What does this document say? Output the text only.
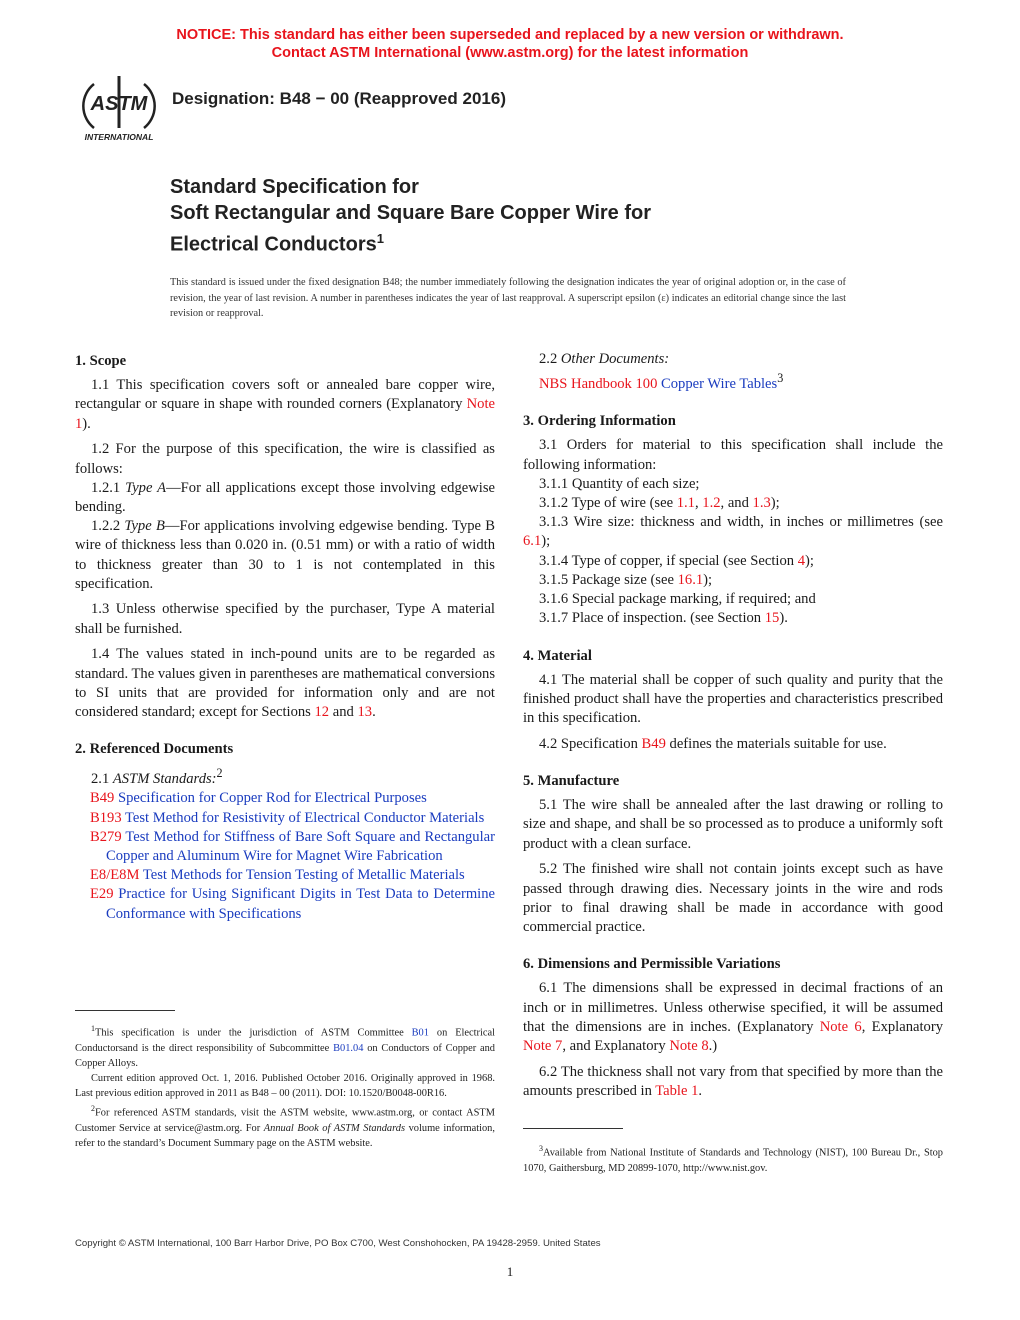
NOTICE: This standard has either been superseded and replaced by a new version or withdrawn.
Contact ASTM International (www.astm.org) for the latest information
ASTM
INTERNATIONAL
Designation: B48 − 00 (Reapproved 2016)
Standard Specification for
Soft Rectangular and Square Bare Copper Wire for
Electrical Conductors$^1$
This standard is issued under the fixed designation B48; the number immediately following the designation indicates the year of original adoption or, in the case of revision, the year of last revision. A number in parentheses indicates the year of last reapproval. A superscript epsilon (ε) indicates an editorial change since the last revision or reapproval.
1. Scope

1.1 This specification covers soft or annealed bare copper wire, rectangular or square in shape with rounded corners (Explanatory Note 1).

1.2 For the purpose of this specification, the wire is classified as follows:

1.2.1 Type A—For all applications except those involving edgewise bending.

1.2.2 Type B—For applications involving edgewise bending. Type B wire of thickness less than 0.020 in. (0.51 mm) or with a ratio of width to thickness greater than 30 to 1 is not contemplated in this specification.

1.3 Unless otherwise specified by the purchaser, Type A material shall be furnished.

1.4 The values stated in inch-pound units are to be regarded as standard. The values given in parentheses are mathematical conversions to SI units that are provided for information only and are not considered standard; except for Sections 12 and 13.

2. Referenced Documents

2.1 ASTM Standards:$^2$

B49 Specification for Copper Rod for Electrical Purposes

B193 Test Method for Resistivity of Electrical Conductor Materials

B279 Test Method for Stiffness of Bare Soft Square and Rectangular Copper and Aluminum Wire for Magnet Wire Fabrication

E8/E8M Test Methods for Tension Testing of Metallic Materials

E29 Practice for Using Significant Digits in Test Data to Determine Conformance with Specifications

2.2 Other Documents:

NBS Handbook 100 Copper Wire Tables$^3$

3. Ordering Information

3.1 Orders for material to this specification shall include the following information:

3.1.1 Quantity of each size;

3.1.2 Type of wire (see 1.1, 1.2, and 1.3);

3.1.3 Wire size: thickness and width, in inches or millimetres (see 6.1);

3.1.4 Type of copper, if special (see Section 4);

3.1.5 Package size (see 16.1);

3.1.6 Special package marking, if required; and

3.1.7 Place of inspection. (see Section 15).

4. Material

4.1 The material shall be copper of such quality and purity that the finished product shall have the properties and characteristics prescribed in this specification.

4.2 Specification B49 defines the materials suitable for use.

5. Manufacture

5.1 The wire shall be annealed after the last drawing or rolling to size and shape, and shall be so processed as to produce a uniformly soft product with a clean surface.

5.2 The finished wire shall not contain joints except such as have passed through drawing dies. Necessary joints in the wire and rods prior to final drawing shall be made in accordance with good commercial practice.

6. Dimensions and Permissible Variations

6.1 The dimensions shall be expressed in decimal fractions of an inch or in millimetres. Unless otherwise specified, it will be assumed that the dimensions are in inches. (Explanatory Note 6, Explanatory Note 7, and Explanatory Note 8.)

6.2 The thickness shall not vary from that specified by more than the amounts prescribed in Table 1.

$^1$This specification is under the jurisdiction of ASTM Committee B01 on Electrical Conductorsand is the direct responsibility of Subcommittee B01.04 on Conductors of Copper and Copper Alloys.

Current edition approved Oct. 1, 2016. Published October 2016. Originally approved in 1968. Last previous edition approved in 2011 as B48 – 00 (2011). DOI: 10.1520/B0048-00R16.

$^2$For referenced ASTM standards, visit the ASTM website, www.astm.org, or contact ASTM Customer Service at service@astm.org. For Annual Book of ASTM Standards volume information, refer to the standard’s Document Summary page on the ASTM website.	$^3$Available from National Institute of Standards and Technology (NIST), 100 Bureau Dr., Stop 1070, Gaithersburg, MD 20899-1070, http://www.nist.gov.

Copyright © ASTM International, 100 Barr Harbor Drive, PO Box C700, West Conshohocken, PA 19428-2959. United States
1
